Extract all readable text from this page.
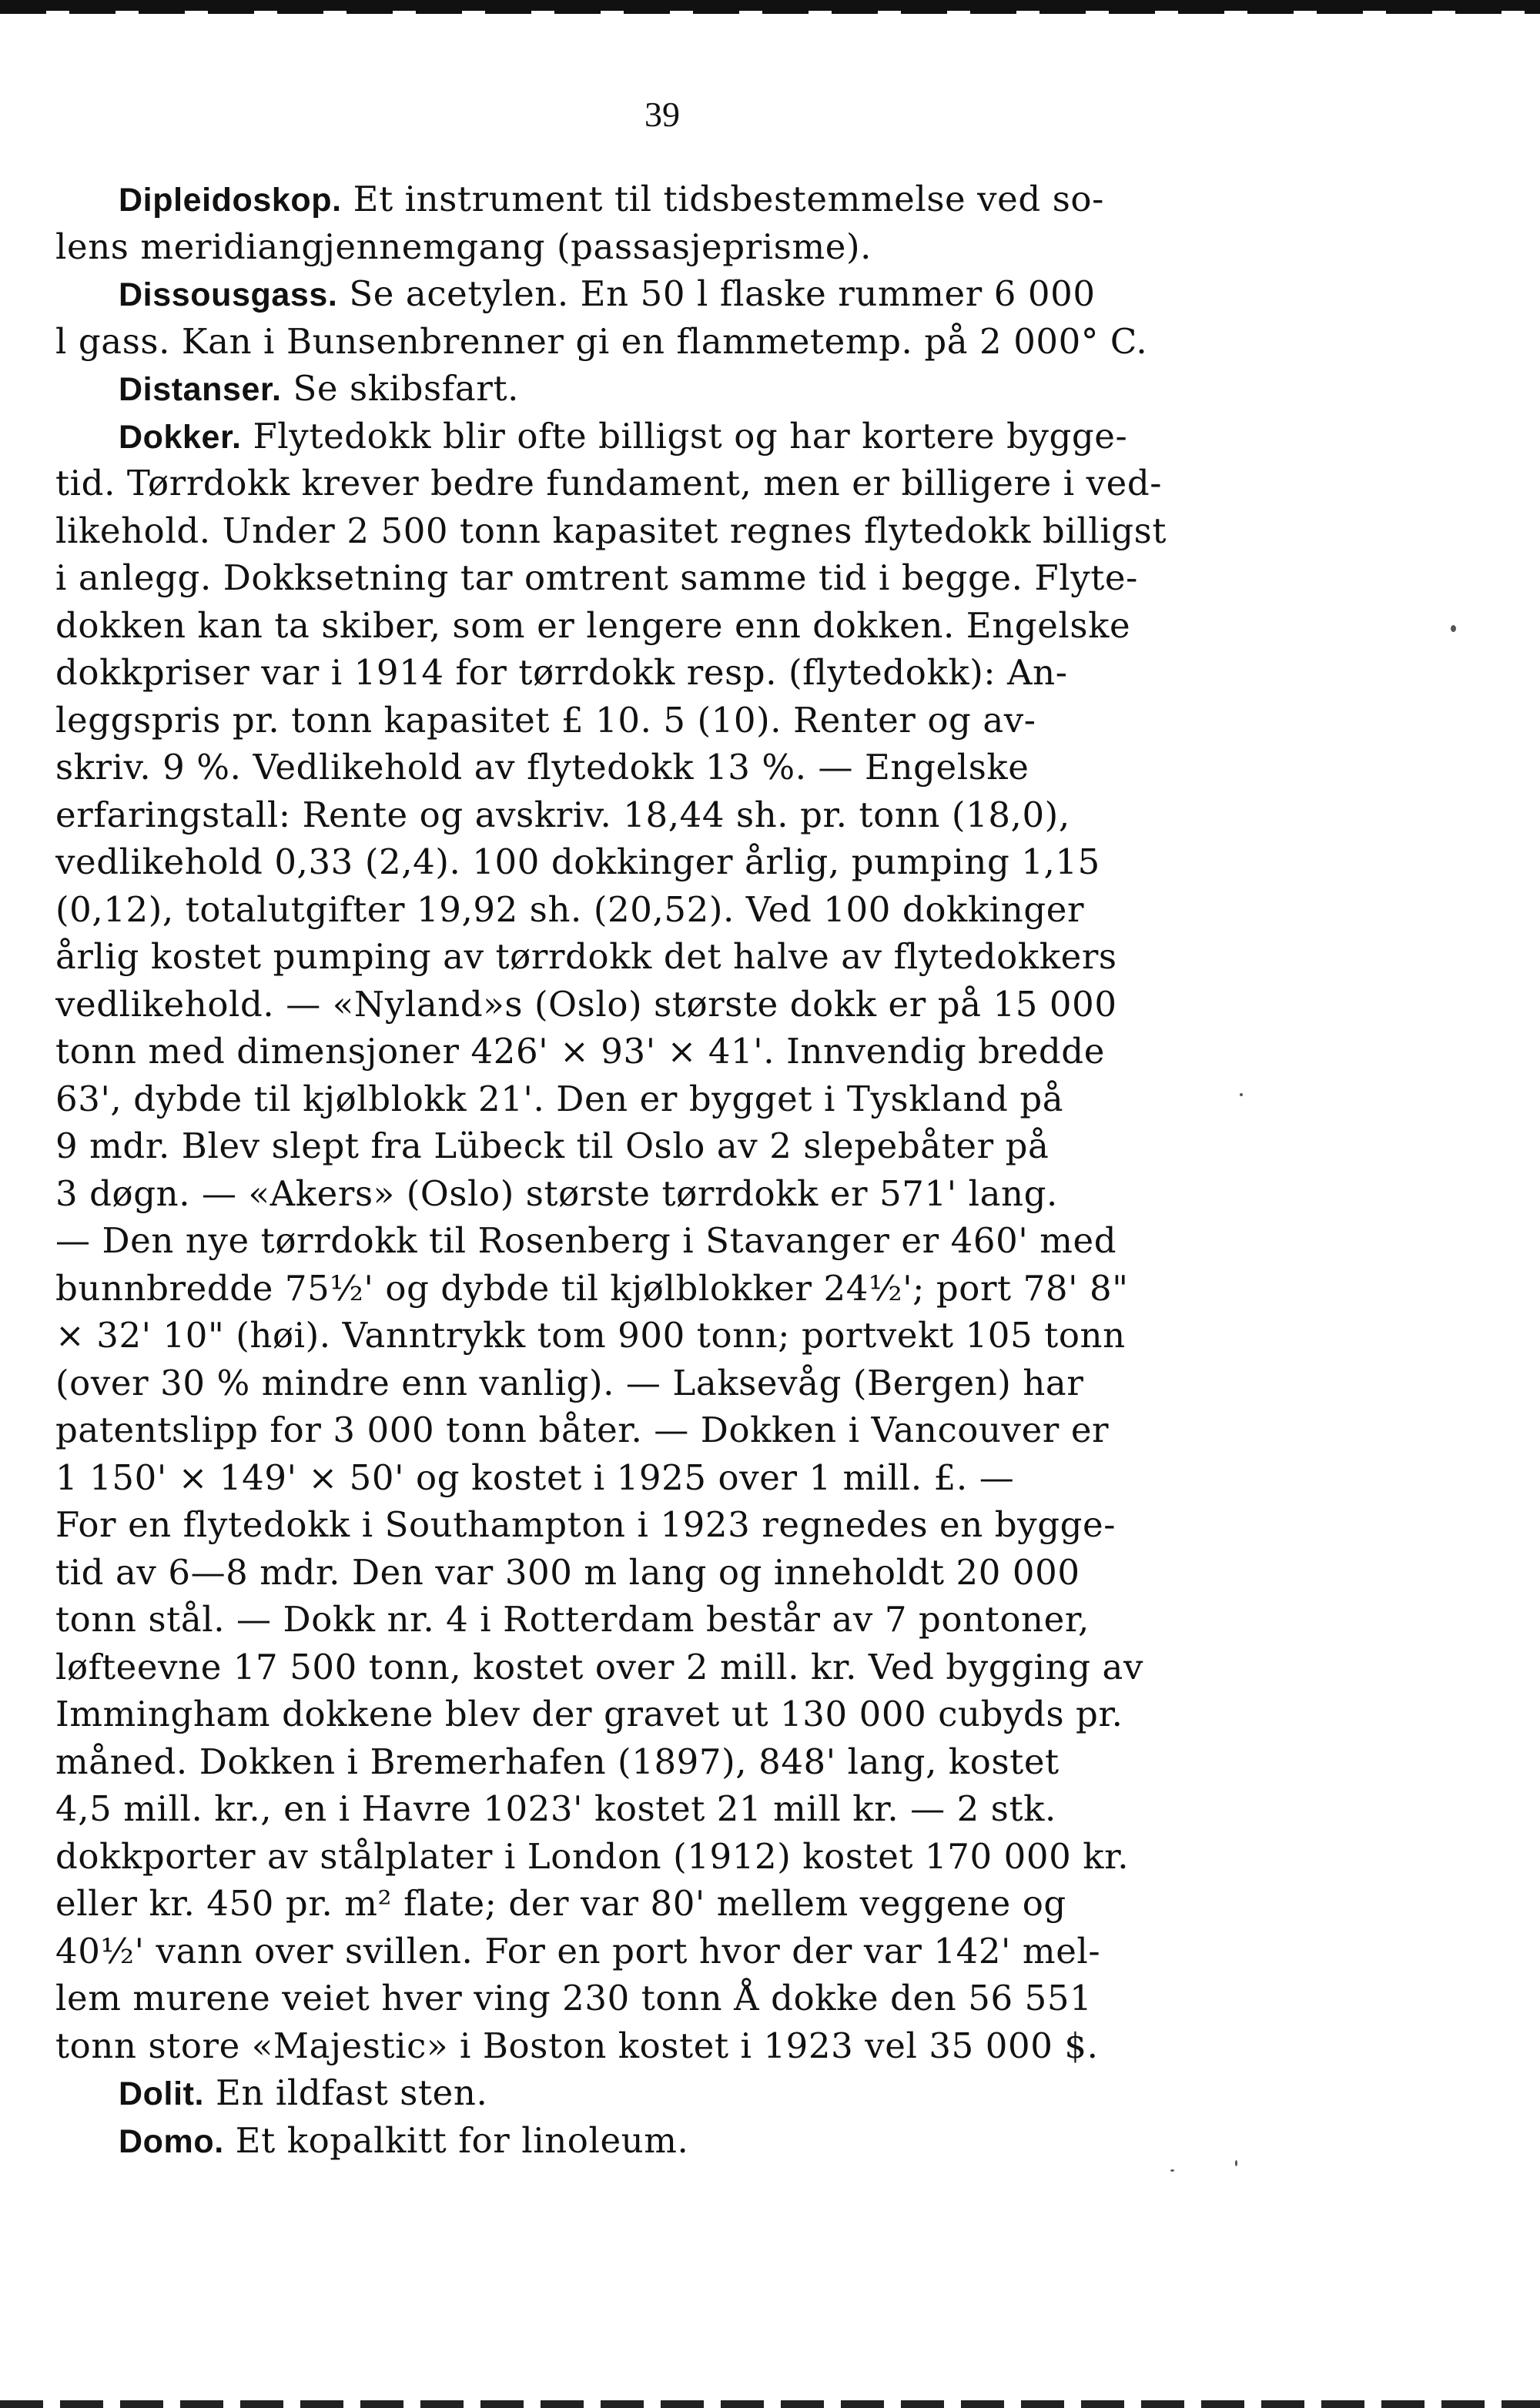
39
Dipleidoskop. Et instrument til tidsbestemmelse ved so-
lens meridiangjennemgang (passasjeprisme).
Dissousgass. Se acetylen. En 50 l flaske rummer 6 000
l gass. Kan i Bunsenbrenner gi en flammetemp. på 2 000° C.
Distanser. Se skibsfart.
Dokker. Flytedokk blir ofte billigst og har kortere bygge-
tid. Tørrdokk krever bedre fundament, men er billigere i ved-
likehold. Under 2 500 tonn kapasitet regnes flytedokk billigst
i anlegg. Dokksetning tar omtrent samme tid i begge. Flyte-
dokken kan ta skiber, som er lengere enn dokken. Engelske
dokkpriser var i 1914 for tørrdokk resp. (flytedokk): An-
leggspris pr. tonn kapasitet £ 10. 5 (10). Renter og av-
skriv. 9 %. Vedlikehold av flytedokk 13 %. — Engelske
erfaringstall: Rente og avskriv. 18,44 sh. pr. tonn (18,0),
vedlikehold 0,33 (2,4). 100 dokkinger årlig, pumping 1,15
(0,12), totalutgifter 19,92 sh. (20,52). Ved 100 dokkinger
årlig kostet pumping av tørrdokk det halve av flytedokkers
vedlikehold. — «Nyland»s (Oslo) største dokk er på 15 000
tonn med dimensjoner 426' × 93' × 41'. Innvendig bredde
63', dybde til kjølblokk 21'. Den er bygget i Tyskland på
9 mdr. Blev slept fra Lübeck til Oslo av 2 slepebåter på
3 døgn. — «Akers» (Oslo) største tørrdokk er 571' lang.
— Den nye tørrdokk til Rosenberg i Stavanger er 460' med
bunnbredde 75½' og dybde til kjølblokker 24½'; port 78' 8"
× 32' 10" (høi). Vanntrykk tom 900 tonn; portvekt 105 tonn
(over 30 % mindre enn vanlig). — Laksevåg (Bergen) har
patentslipp for 3 000 tonn båter. — Dokken i Vancouver er
1 150' × 149' × 50' og kostet i 1925 over 1 mill. £. —
For en flytedokk i Southampton i 1923 regnedes en bygge-
tid av 6—8 mdr. Den var 300 m lang og inneholdt 20 000
tonn stål. — Dokk nr. 4 i Rotterdam består av 7 pontoner,
løfteevne 17 500 tonn, kostet over 2 mill. kr. Ved bygging av
Immingham dokkene blev der gravet ut 130 000 cubyds pr.
måned. Dokken i Bremerhafen (1897), 848' lang, kostet
4,5 mill. kr., en i Havre 1023' kostet 21 mill kr. — 2 stk.
dokkporter av stålplater i London (1912) kostet 170 000 kr.
eller kr. 450 pr. m² flate; der var 80' mellem veggene og
40½' vann over svillen. For en port hvor der var 142' mel-
lem murene veiet hver ving 230 tonn Å dokke den 56 551
tonn store «Majestic» i Boston kostet i 1923 vel 35 000 $.
Dolit. En ildfast sten.
Domo. Et kopalkitt for linoleum.
